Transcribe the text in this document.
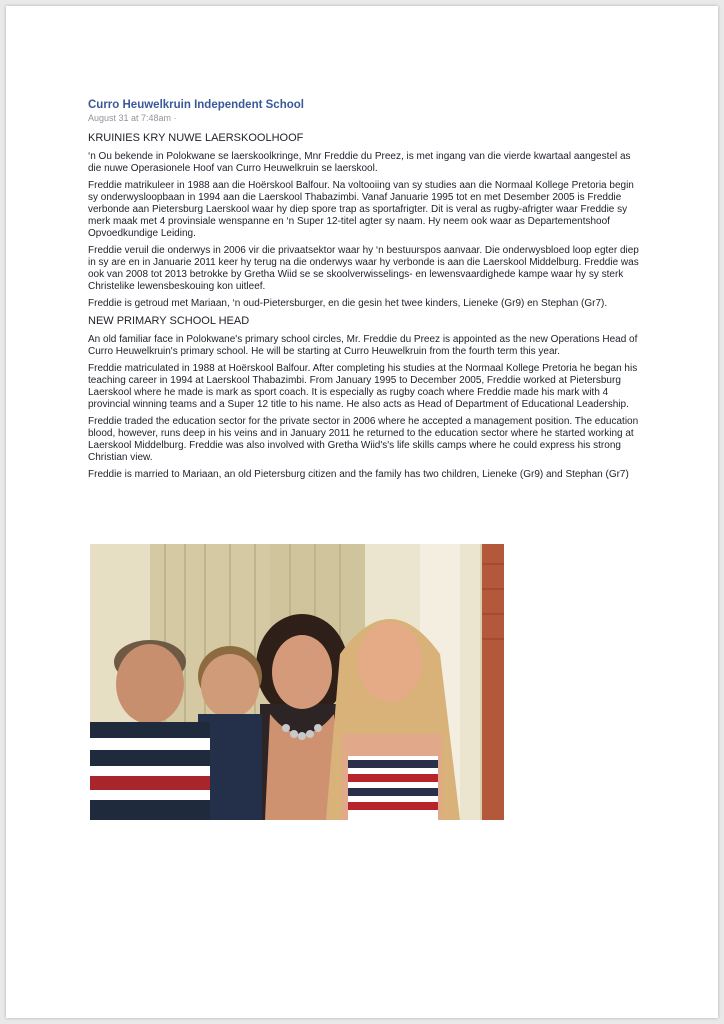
Curro Heuwelkruin Independent School
August 31 at 7:48am ·
KRUINIES KRY NUWE LAERSKOOLHOOF

‘n Ou bekende in Polokwane se laerskoolkringe, Mnr Freddie du Preez, is met ingang van die vierde kwartaal aangestel as die nuwe Operasionele Hoof van Curro Heuwelkruin se laerskool.

Freddie matrikuleer in 1988 aan die Hoërskool Balfour. Na voltooiing van sy studies aan die Normaal Kollege Pretoria begin sy onderwysloopbaan in 1994 aan die Laerskool Thabazimbi. Vanaf Januarie 1995 tot en met Desember 2005 is Freddie verbonde aan Pietersburg Laerskool waar hy diep spore trap as sportafrigter. Dit is veral as rugby-afrigter waar Freddie sy merk maak met 4 provinsiale wenspanne en ‘n Super 12-titel agter sy naam. Hy neem ook waar as Departementshoof Opvoedkundige Leiding.

Freddie veruil die onderwys in 2006 vir die privaatsektor waar hy ‘n bestuurspos aanvaar. Die onderwysbloed loop egter diep in sy are en in Januarie 2011 keer hy terug na die onderwys waar hy verbonde is aan die Laerskool Middelburg. Freddie was ook van 2008 tot 2013 betrokke by Gretha Wiid se se skoolverwisselings- en lewensvaardighede kampe waar hy sy sterk Christelike lewensbeskouing kon uitleef.

Freddie is getroud met Mariaan, ‘n oud-Pietersburger, en die gesin het twee kinders, Lieneke (Gr9) en Stephan (Gr7).

NEW PRIMARY SCHOOL HEAD

An old familiar face in Polokwane's primary school circles, Mr. Freddie du Preez is appointed as the new Operations Head of Curro Heuwelkruin's primary school. He will be starting at Curro Heuwelkruin from the fourth term this year.

Freddie matriculated in 1988 at Hoërskool Balfour. After completing his studies at the Normaal Kollege Pretoria he began his teaching career in 1994 at Laerskool Thabazimbi. From January 1995 to December 2005, Freddie worked at Pietersburg Laerskool where he made is mark as sport coach. It is especially as rugby coach where Freddie made his mark with 4 provincial winning teams and a Super 12 title to his name. He also acts as Head of Department of Educational Leadership.

Freddie traded the education sector for the private sector in 2006 where he accepted a management position. The education blood, however, runs deep in his veins and in January 2011 he returned to the education sector where he started working at Laerskool Middelburg. Freddie was also involved with Gretha Wiid's's life skills camps where he could express his strong Christian view.

Freddie is married to Mariaan, an old Pietersburg citizen and the family has two children, Lieneke (Gr9) and Stephan (Gr7)
